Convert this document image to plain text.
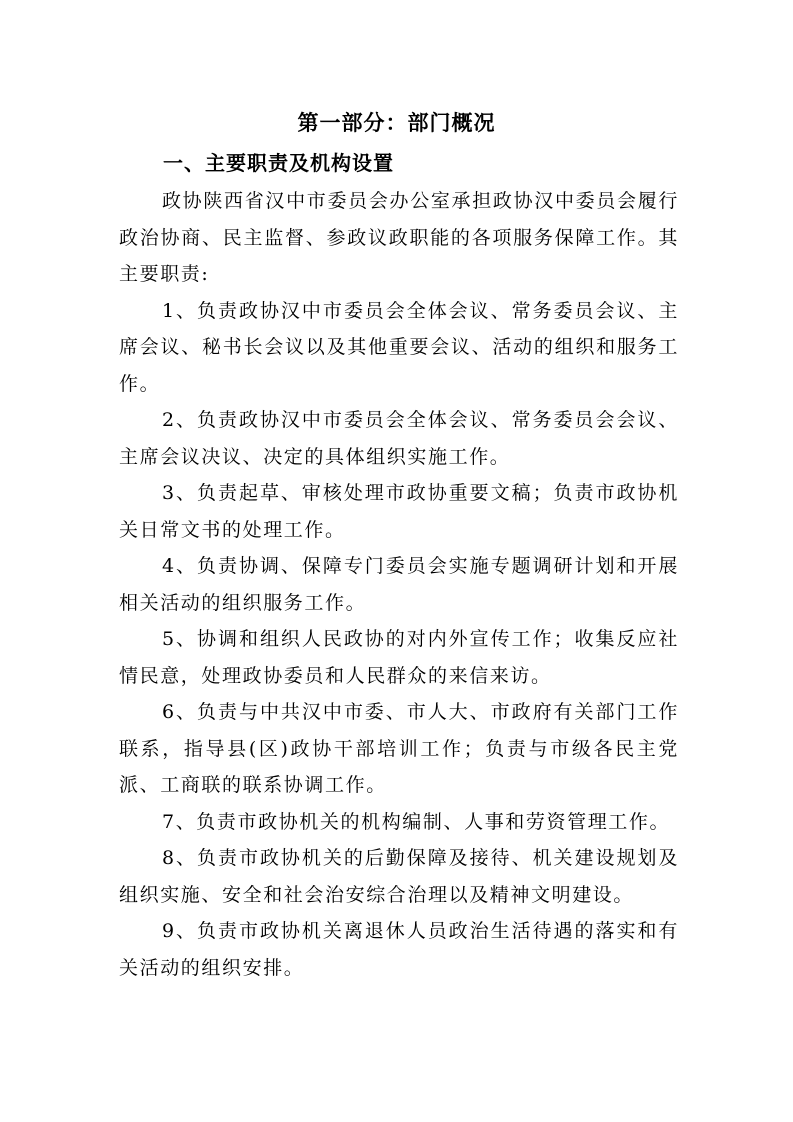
第一部分：部门概况
一、主要职责及机构设置

政协陕西省汉中市委员会办公室承担政协汉中委员会履行政治协商、民主监督、参政议政职能的各项服务保障工作。其主要职责:

1、负责政协汉中市委员会全体会议、常务委员会议、主席会议、秘书长会议以及其他重要会议、活动的组织和服务工作。

2、负责政协汉中市委员会全体会议、常务委员会会议、主席会议决议、决定的具体组织实施工作。

3、负责起草、审核处理市政协重要文稿；负责市政协机关日常文书的处理工作。

4、负责协调、保障专门委员会实施专题调研计划和开展相关活动的组织服务工作。

5、协调和组织人民政协的对内外宣传工作；收集反应社情民意，处理政协委员和人民群众的来信来访。

6、负责与中共汉中市委、市人大、市政府有关部门工作联系，指导县(区)政协干部培训工作；负责与市级各民主党派、工商联的联系协调工作。

7、负责市政协机关的机构编制、人事和劳资管理工作。

8、负责市政协机关的后勤保障及接待、机关建设规划及组织实施、安全和社会治安综合治理以及精神文明建设。

9、负责市政协机关离退休人员政治生活待遇的落实和有关活动的组织安排。
